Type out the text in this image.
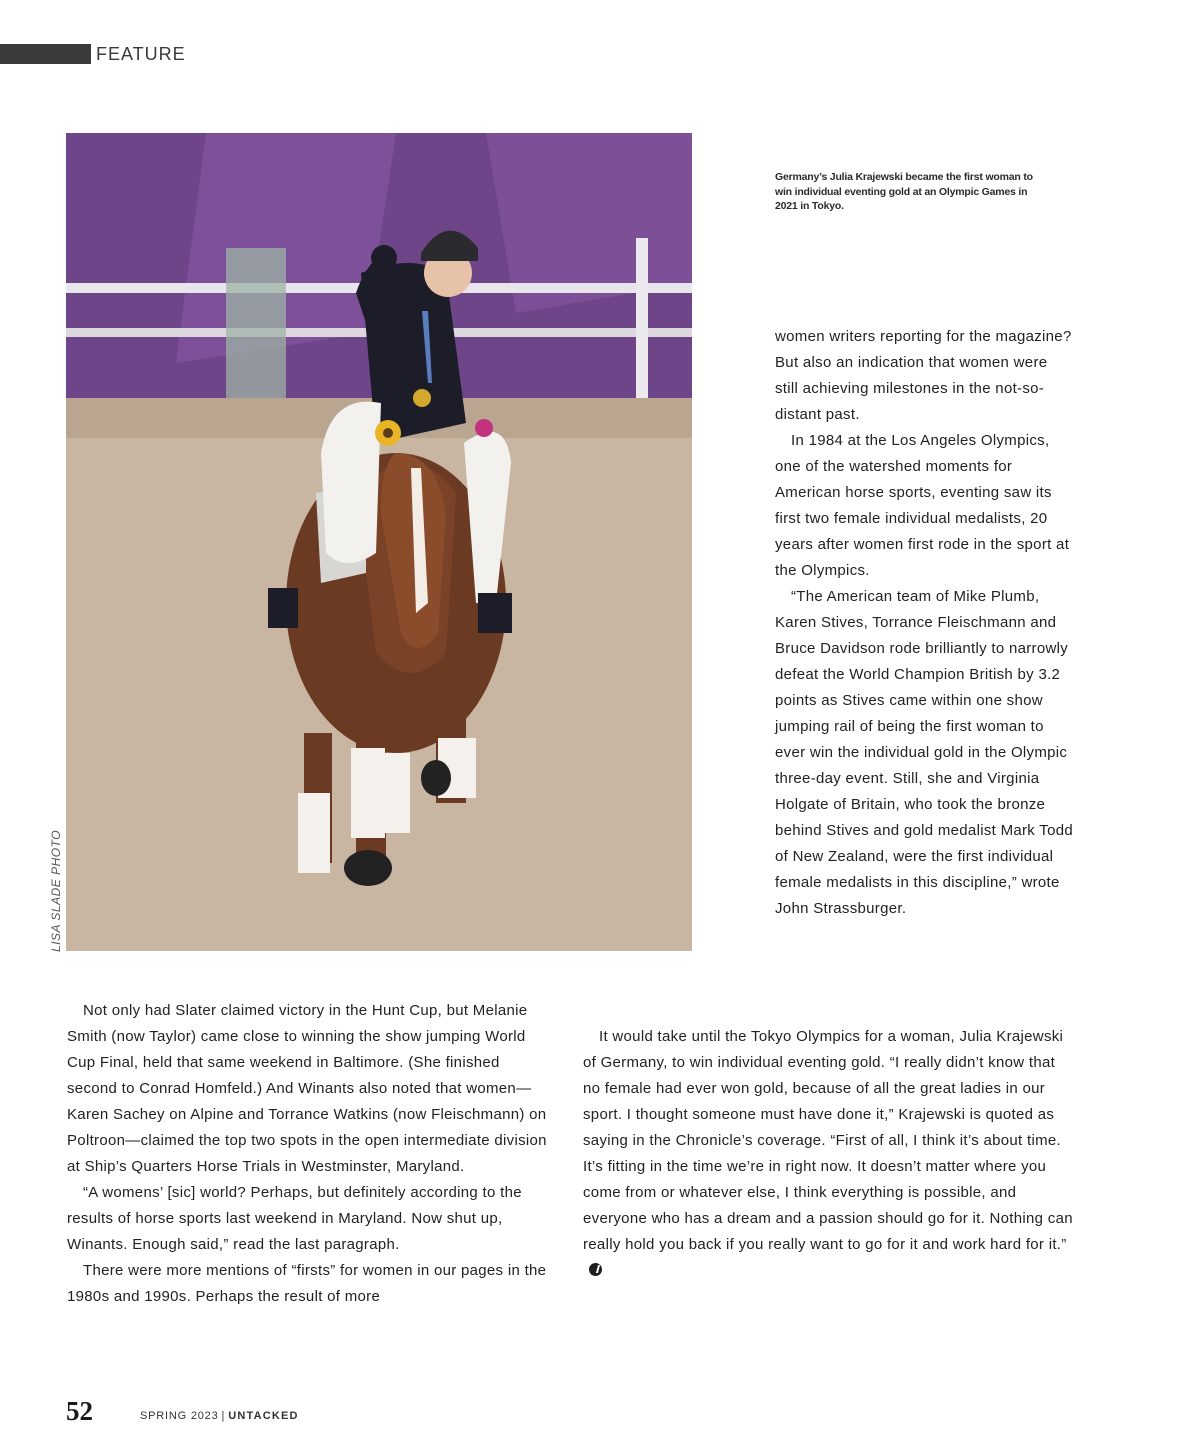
FEATURE
LISA SLADE PHOTO
Germany’s Julia Krajewski became the first woman to win individual eventing gold at an Olympic Games in 2021 in Tokyo.

women writers reporting for the magazine? But also an indication that women were still achieving milestones in the not-so-distant past.

In 1984 at the Los Angeles Olympics, one of the watershed moments for American horse sports, eventing saw its first two female individual medalists, 20 years after women first rode in the sport at the Olympics.

“The American team of Mike Plumb, Karen Stives, Torrance Fleischmann and Bruce Davidson rode brilliantly to narrowly defeat the World Champion British by 3.2 points as Stives came within one show jumping rail of being the first woman to ever win the individual gold in the Olympic three-day event. Still, she and Virginia Holgate of Britain, who took the bronze behind Stives and gold medalist Mark Todd of New Zealand, were the first individual female medalists in this discipline,” wrote John Strassburger.

Not only had Slater claimed victory in the Hunt Cup, but Melanie Smith (now Taylor) came close to winning the show jumping World Cup Final, held that same weekend in Baltimore. (She finished second to Conrad Homfeld.) And Winants also noted that women—Karen Sachey on Alpine and Torrance Watkins (now Fleischmann) on Poltroon—claimed the top two spots in the open intermediate division at Ship’s Quarters Horse Trials in Westminster, Maryland.

“A womens’ [sic] world? Perhaps, but definitely according to the results of horse sports last weekend in Maryland. Now shut up, Winants. Enough said,” read the last paragraph.

There were more mentions of “firsts” for women in our pages in the 1980s and 1990s. Perhaps the result of more

It would take until the Tokyo Olympics for a woman, Julia Krajewski of Germany, to win individual eventing gold. “I really didn’t know that no female had ever won gold, because of all the great ladies in our sport. I thought someone must have done it,” Krajewski is quoted as saying in the Chronicle’s coverage. “First of all, I think it’s about time. It’s fitting in the time we’re in right now. It doesn’t matter where you come from or whatever else, I think everything is possible, and everyone who has a dream and a passion should go for it. Nothing can really hold you back if you really want to go for it and work hard for it.”

52	SPRING 2023 | UNTACKED
